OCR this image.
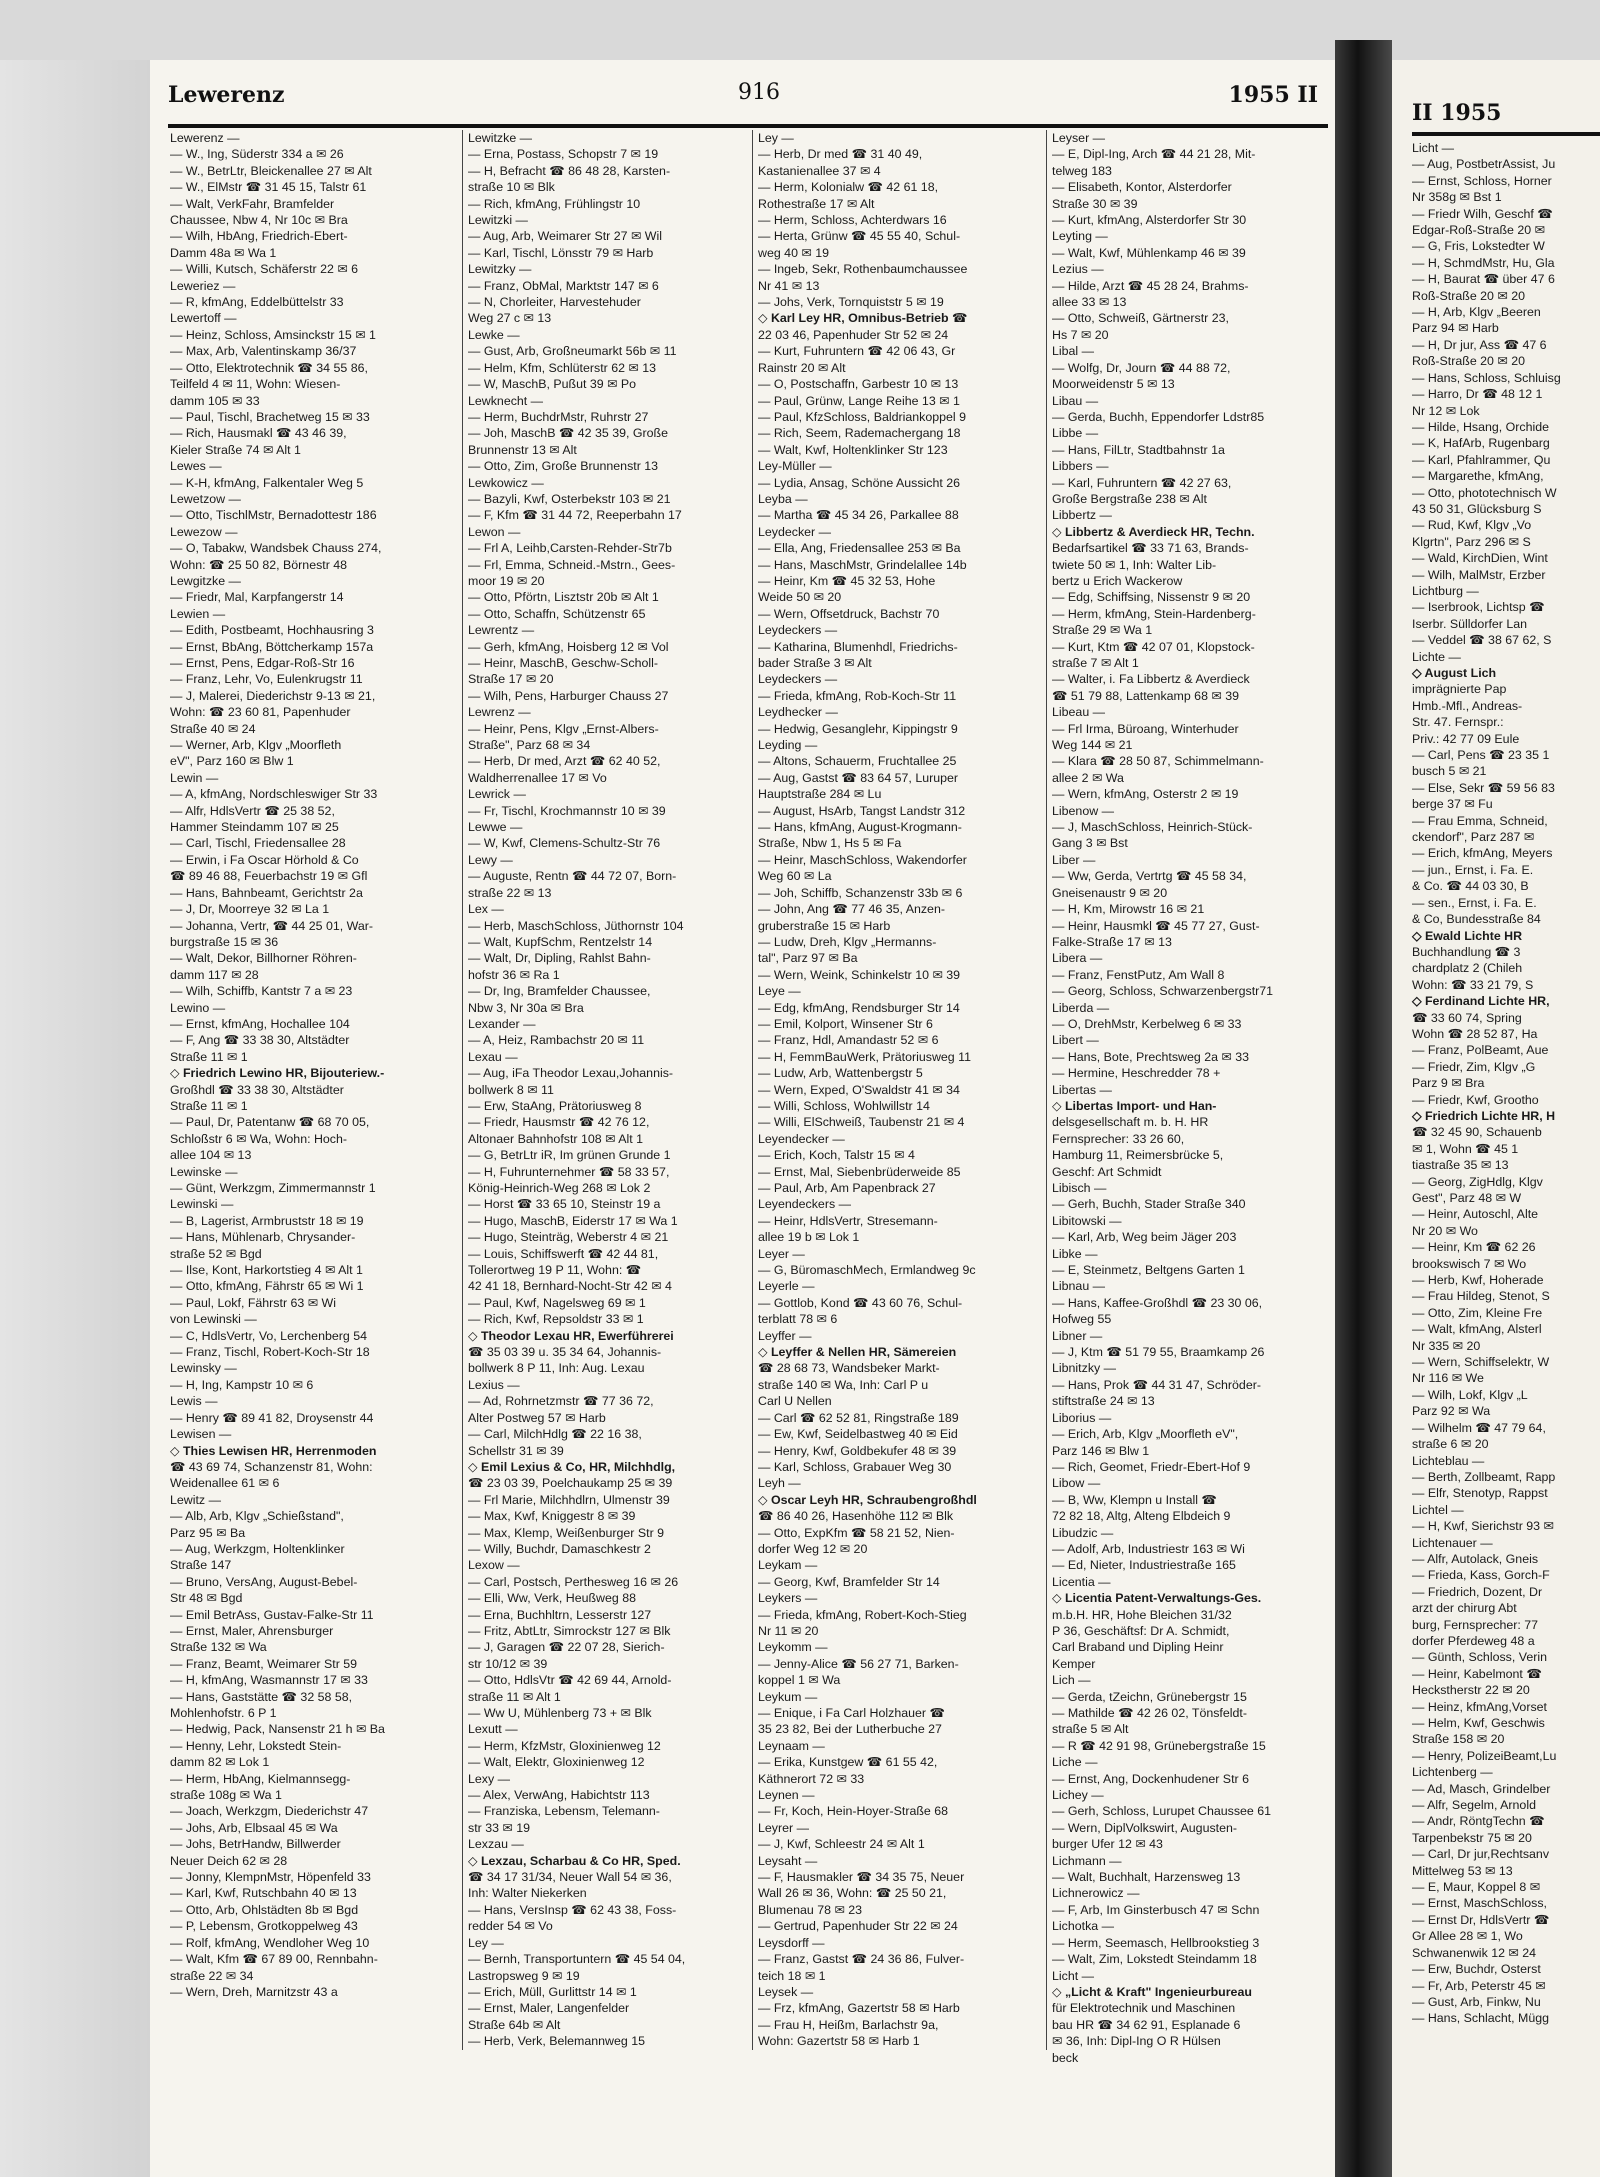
Lewerenz	916	1955 II
Lewerenz —
— W., Ing, Süderstr 334 a ✉ 26
— W., BetrLtr, Bleickenallee 27 ✉ Alt
— W., ElMstr ☎ 31 45 15, Talstr 61
— Walt, VerkFahr, Bramfelder
Chaussee, Nbw 4, Nr 10c ✉ Bra
— Wilh, HbAng, Friedrich-Ebert-
Damm 48a ✉ Wa 1
— Willi, Kutsch, Schäferstr 22 ✉ 6
Leweriez —
— R, kfmAng, Eddelbüttelstr 33
Lewertoff —
— Heinz, Schloss, Amsinckstr 15 ✉ 1
— Max, Arb, Valentinskamp 36/37
— Otto, Elektrotechnik ☎ 34 55 86,
Teilfeld 4 ✉ 11, Wohn: Wiesen-
damm 105 ✉ 33
— Paul, Tischl, Brachetweg 15 ✉ 33
— Rich, Hausmakl ☎ 43 46 39,
Kieler Straße 74 ✉ Alt 1
Lewes —
— K-H, kfmAng, Falkentaler Weg 5
Lewetzow —
— Otto, TischlMstr, Bernadottestr 186
Lewezow —
— O, Tabakw, Wandsbek Chauss 274,
Wohn: ☎ 25 50 82, Börnestr 48
Lewgitzke —
— Friedr, Mal, Karpfangerstr 14
Lewien —
— Edith, Postbeamt, Hochhausring 3
— Ernst, BbAng, Böttcherkamp 157a
— Ernst, Pens, Edgar-Roß-Str 16
— Franz, Lehr, Vo, Eulenkrugstr 11
— J, Malerei, Diederichstr 9-13 ✉ 21,
Wohn: ☎ 23 60 81, Papenhuder
Straße 40 ✉ 24
— Werner, Arb, Klgv „Moorfleth
eV", Parz 160 ✉ Blw 1
Lewin —
— A, kfmAng, Nordschleswiger Str 33
— Alfr, HdlsVertr ☎ 25 38 52,
Hammer Steindamm 107 ✉ 25
— Carl, Tischl, Friedensallee 28
— Erwin, i Fa Oscar Hörhold & Co
☎ 89 46 88, Feuerbachstr 19 ✉ Gfl
— Hans, Bahnbeamt, Gerichtstr 2a
— J, Dr, Moorreye 32 ✉ La 1
— Johanna, Vertr, ☎ 44 25 01, War-
burgstraße 15 ✉ 36
— Walt, Dekor, Billhorner Röhren-
damm 117 ✉ 28
— Wilh, Schiffb, Kantstr 7 a ✉ 23
Lewino —
— Ernst, kfmAng, Hochallee 104
— F, Ang ☎ 33 38 30, Altstädter
Straße 11 ✉ 1
◇ Friedrich Lewino HR, Bijouteriew.-
Großhdl ☎ 33 38 30, Altstädter
Straße 11 ✉ 1
— Paul, Dr, Patentanw ☎ 68 70 05,
Schloßstr 6 ✉ Wa, Wohn: Hoch-
allee 104 ✉ 13
Lewinske —
— Günt, Werkzgm, Zimmermannstr 1
Lewinski —
— B, Lagerist, Armbruststr 18 ✉ 19
— Hans, Mühlenarb, Chrysander-
straße 52 ✉ Bgd
— Ilse, Kont, Harkortstieg 4 ✉ Alt 1
— Otto, kfmAng, Fährstr 65 ✉ Wi 1
— Paul, Lokf, Fährstr 63 ✉ Wi
von Lewinski —
— C, HdlsVertr, Vo, Lerchenberg 54
— Franz, Tischl, Robert-Koch-Str 18
Lewinsky —
— H, Ing, Kampstr 10 ✉ 6
Lewis —
— Henry ☎ 89 41 82, Droysenstr 44
Lewisen —
◇ Thies Lewisen HR, Herrenmoden
☎ 43 69 74, Schanzenstr 81, Wohn:
Weidenallee 61 ✉ 6
Lewitz —
— Alb, Arb, Klgv „Schießstand",
Parz 95 ✉ Ba
— Aug, Werkzgm, Holtenklinker
Straße 147
— Bruno, VersAng, August-Bebel-
Str 48 ✉ Bgd
— Emil BetrAss, Gustav-Falke-Str 11
— Ernst, Maler, Ahrensburger
Straße 132 ✉ Wa
— Franz, Beamt, Weimarer Str 59
— H, kfmAng, Wasmannstr 17 ✉ 33
— Hans, Gaststätte ☎ 32 58 58,
Mohlenhofstr. 6 P 1
— Hedwig, Pack, Nansenstr 21 h ✉ Ba
— Henny, Lehr, Lokstedt Stein-
damm 82 ✉ Lok 1
— Herm, HbAng, Kielmannsegg-
straße 108g ✉ Wa 1
— Joach, Werkzgm, Diederichstr 47
— Johs, Arb, Elbsaal 45 ✉ Wa
— Johs, BetrHandw, Billwerder
Neuer Deich 62 ✉ 28
— Jonny, KlempnMstr, Höpenfeld 33
— Karl, Kwf, Rutschbahn 40 ✉ 13
— Otto, Arb, Ohlstädten 8b ✉ Bgd
— P, Lebensm, Grotkoppelweg 43
— Rolf, kfmAng, Wendloher Weg 10
— Walt, Kfm ☎ 67 89 00, Rennbahn-
straße 22 ✉ 34
— Wern, Dreh, Marnitzstr 43 a
Lewitzke —
— Erna, Postass, Schopstr 7 ✉ 19
— H, Befracht ☎ 86 48 28, Karsten-
straße 10 ✉ Blk
— Rich, kfmAng, Frühlingstr 10
Lewitzki —
— Aug, Arb, Weimarer Str 27 ✉ Wil
— Karl, Tischl, Lönsstr 79 ✉ Harb
Lewitzky —
— Franz, ObMal, Marktstr 147 ✉ 6
— N, Chorleiter, Harvestehuder
Weg 27 c ✉ 13
Lewke —
— Gust, Arb, Großneumarkt 56b ✉ 11
— Helm, Kfm, Schlüterstr 62 ✉ 13
— W, MaschB, Pußut 39 ✉ Po
Lewknecht —
— Herm, BuchdrMstr, Ruhrstr 27
— Joh, MaschB ☎ 42 35 39, Große
Brunnenstr 13 ✉ Alt
— Otto, Zim, Große Brunnenstr 13
Lewkowicz —
— Bazyli, Kwf, Osterbekstr 103 ✉ 21
— F, Kfm ☎ 31 44 72, Reeperbahn 17
Lewon —
— Frl A, Leihb,Carsten-Rehder-Str7b
— Frl, Emma, Schneid.-Mstrn., Gees-
moor 19 ✉ 20
— Otto, Pförtn, Lisztstr 20b ✉ Alt 1
— Otto, Schaffn, Schützenstr 65
Lewrentz —
— Gerh, kfmAng, Hoisberg 12 ✉ Vol
— Heinr, MaschB, Geschw-Scholl-
Straße 17 ✉ 20
— Wilh, Pens, Harburger Chauss 27
Lewrenz —
— Heinr, Pens, Klgv „Ernst-Albers-
Straße", Parz 68 ✉ 34
— Herb, Dr med, Arzt ☎ 62 40 52,
Waldherrenallee 17 ✉ Vo
Lewrick —
— Fr, Tischl, Krochmannstr 10 ✉ 39
Lewwe —
— W, Kwf, Clemens-Schultz-Str 76
Lewy —
— Auguste, Rentn ☎ 44 72 07, Born-
straße 22 ✉ 13
Lex —
— Herb, MaschSchloss, Jüthornstr 104
— Walt, KupfSchm, Rentzelstr 14
— Walt, Dr, Dipling, Rahlst Bahn-
hofstr 36 ✉ Ra 1
— Dr, Ing, Bramfelder Chaussee,
Nbw 3, Nr 30a ✉ Bra
Lexander —
— A, Heiz, Rambachstr 20 ✉ 11
Lexau —
— Aug, iFa Theodor Lexau,Johannis-
bollwerk 8 ✉ 11
— Erw, StaAng, Prätoriusweg 8
— Friedr, Hausmstr ☎ 42 76 12,
Altonaer Bahnhofstr 108 ✉ Alt 1
— G, BetrLtr iR, Im grünen Grunde 1
— H, Fuhrunternehmer ☎ 58 33 57,
König-Heinrich-Weg 268 ✉ Lok 2
— Horst ☎ 33 65 10, Steinstr 19 a
— Hugo, MaschB, Eiderstr 17 ✉ Wa 1
— Hugo, Steinträg, Weberstr 4 ✉ 21
— Louis, Schiffswerft ☎ 42 44 81,
Tollerortweg 19 P 11, Wohn: ☎
42 41 18, Bernhard-Nocht-Str 42 ✉ 4
— Paul, Kwf, Nagelsweg 69 ✉ 1
— Rich, Kwf, Repsoldstr 33 ✉ 1
◇ Theodor Lexau HR, Ewerführerei
☎ 35 03 39 u. 35 34 64, Johannis-
bollwerk 8 P 11, Inh: Aug. Lexau
Lexius —
— Ad, Rohrnetzmstr ☎ 77 36 72,
Alter Postweg 57 ✉ Harb
— Carl, MilchHdlg ☎ 22 16 38,
Schellstr 31 ✉ 39
◇ Emil Lexius & Co, HR, Milchhdlg,
☎ 23 03 39, Poelchaukamp 25 ✉ 39
— Frl Marie, Milchhdlrn, Ulmenstr 39
— Max, Kwf, Kniggestr 8 ✉ 39
— Max, Klemp, Weißenburger Str 9
— Willy, Buchdr, Damaschkestr 2
Lexow —
— Carl, Postsch, Perthesweg 16 ✉ 26
— Elli, Ww, Verk, Heußweg 88
— Erna, Buchhltrn, Lesserstr 127
— Fritz, AbtLtr, Simrockstr 127 ✉ Blk
— J, Garagen ☎ 22 07 28, Sierich-
str 10/12 ✉ 39
— Otto, HdlsVtr ☎ 42 69 44, Arnold-
straße 11 ✉ Alt 1
— Ww U, Mühlenberg 73 + ✉ Blk
Lexutt —
— Herm, KfzMstr, Gloxinienweg 12
— Walt, Elektr, Gloxinienweg 12
Lexy —
— Alex, VerwAng, Habichtstr 113
— Franziska, Lebensm, Telemann-
str 33 ✉ 19
Lexzau —
◇ Lexzau, Scharbau & Co HR, Sped.
☎ 34 17 31/34, Neuer Wall 54 ✉ 36,
Inh: Walter Niekerken
— Hans, VersInsp ☎ 62 43 38, Foss-
redder 54 ✉ Vo
Ley —
— Bernh, Transportuntern ☎ 45 54 04,
Lastropsweg 9 ✉ 19
— Erich, Müll, Gurlittstr 14 ✉ 1
— Ernst, Maler, Langenfelder
Straße 64b ✉ Alt
— Herb, Verk, Belemannweg 15
Ley —
— Herb, Dr med ☎ 31 40 49,
Kastanienallee 37 ✉ 4
— Herm, Kolonialw ☎ 42 61 18,
Rothestraße 17 ✉ Alt
— Herm, Schloss, Achterdwars 16
— Herta, Grünw ☎ 45 55 40, Schul-
weg 40 ✉ 19
— Ingeb, Sekr, Rothenbaumchaussee
Nr 41 ✉ 13
— Johs, Verk, Tornquiststr 5 ✉ 19
◇ Karl Ley HR, Omnibus-Betrieb ☎
22 03 46, Papenhuder Str 52 ✉ 24
— Kurt, Fuhruntern ☎ 42 06 43, Gr
Rainstr 20 ✉ Alt
— O, Postschaffn, Garbestr 10 ✉ 13
— Paul, Grünw, Lange Reihe 13 ✉ 1
— Paul, KfzSchloss, Baldriankoppel 9
— Rich, Seem, Rademachergang 18
— Walt, Kwf, Holtenklinker Str 123
Ley-Müller —
— Lydia, Ansag, Schöne Aussicht 26
Leyba —
— Martha ☎ 45 34 26, Parkallee 88
Leydecker —
— Ella, Ang, Friedensallee 253 ✉ Ba
— Hans, MaschMstr, Grindelallee 14b
— Heinr, Km ☎ 45 32 53, Hohe
Weide 50 ✉ 20
— Wern, Offsetdruck, Bachstr 70
Leydeckers —
— Katharina, Blumenhdl, Friedrichs-
bader Straße 3 ✉ Alt
Leydeckers —
— Frieda, kfmAng, Rob-Koch-Str 11
Leydhecker —
— Hedwig, Gesanglehr, Kippingstr 9
Leyding —
— Altons, Schauerm, Fruchtallee 25
— Aug, Gastst ☎ 83 64 57, Luruper
Hauptstraße 284 ✉ Lu
— August, HsArb, Tangst Landstr 312
— Hans, kfmAng, August-Krogmann-
Straße, Nbw 1, Hs 5 ✉ Fa
— Heinr, MaschSchloss, Wakendorfer
Weg 60 ✉ La
— Joh, Schiffb, Schanzenstr 33b ✉ 6
— John, Ang ☎ 77 46 35, Anzen-
gruberstraße 15 ✉ Harb
— Ludw, Dreh, Klgv „Hermanns-
tal", Parz 97 ✉ Ba
— Wern, Weink, Schinkelstr 10 ✉ 39
Leye —
— Edg, kfmAng, Rendsburger Str 14
— Emil, Kolport, Winsener Str 6
— Franz, Hdl, Amandastr 52 ✉ 6
— H, FemmBauWerk, Prätoriusweg 11
— Ludw, Arb, Wattenbergstr 5
— Wern, Exped, O'Swaldstr 41 ✉ 34
— Willi, Schloss, Wohlwillstr 14
— Willi, ElSchweiß, Taubenstr 21 ✉ 4
Leyendecker —
— Erich, Koch, Talstr 15 ✉ 4
— Ernst, Mal, Siebenbrüderweide 85
— Paul, Arb, Am Papenbrack 27
Leyendeckers —
— Heinr, HdlsVertr, Stresemann-
allee 19 b ✉ Lok 1
Leyer —
— G, BüromaschMech, Ermlandweg 9c
Leyerle —
— Gottlob, Kond ☎ 43 60 76, Schul-
terblatt 78 ✉ 6
Leyffer —
◇ Leyffer & Nellen HR, Sämereien
☎ 28 68 73, Wandsbeker Markt-
straße 140 ✉ Wa, Inh: Carl P u
Carl U Nellen
— Carl ☎ 62 52 81, Ringstraße 189
— Ew, Kwf, Seidelbastweg 40 ✉ Eid
— Henry, Kwf, Goldbekufer 48 ✉ 39
— Karl, Schloss, Grabauer Weg 30
Leyh —
◇ Oscar Leyh HR, Schraubengroßhdl
☎ 86 40 26, Hasenhöhe 112 ✉ Blk
— Otto, ExpKfm ☎ 58 21 52, Nien-
dorfer Weg 12 ✉ 20
Leykam —
— Georg, Kwf, Bramfelder Str 14
Leykers —
— Frieda, kfmAng, Robert-Koch-Stieg
Nr 11 ✉ 20
Leykomm —
— Jenny-Alice ☎ 56 27 71, Barken-
koppel 1 ✉ Wa
Leykum —
— Enique, i Fa Carl Holzhauer ☎
35 23 82, Bei der Lutherbuche 27
Leynaam —
— Erika, Kunstgew ☎ 61 55 42,
Käthnerort 72 ✉ 33
Leynen —
— Fr, Koch, Hein-Hoyer-Straße 68
Leyrer —
— J, Kwf, Schleestr 24 ✉ Alt 1
Leysaht —
— F, Hausmakler ☎ 34 35 75, Neuer
Wall 26 ✉ 36, Wohn: ☎ 25 50 21,
Blumenau 78 ✉ 23
— Gertrud, Papenhuder Str 22 ✉ 24
Leysdorff —
— Franz, Gastst ☎ 24 36 86, Fulver-
teich 18 ✉ 1
Leysek —
— Frz, kfmAng, Gazertstr 58 ✉ Harb
— Frau H, Heißm, Barlachstr 9a,
Wohn: Gazertstr 58 ✉ Harb 1
Leyser —
— E, Dipl-Ing, Arch ☎ 44 21 28, Mit-
telweg 183
— Elisabeth, Kontor, Alsterdorfer
Straße 30 ✉ 39
— Kurt, kfmAng, Alsterdorfer Str 30
Leyting —
— Walt, Kwf, Mühlenkamp 46 ✉ 39
Lezius —
— Hilde, Arzt ☎ 45 28 24, Brahms-
allee 33 ✉ 13
— Otto, Schweiß, Gärtnerstr 23,
Hs 7 ✉ 20
Libal —
— Wolfg, Dr, Journ ☎ 44 88 72,
Moorweidenstr 5 ✉ 13
Libau —
— Gerda, Buchh, Eppendorfer Ldstr85
Libbe —
— Hans, FilLtr, Stadtbahnstr 1a
Libbers —
— Karl, Fuhruntern ☎ 42 27 63,
Große Bergstraße 238 ✉ Alt
Libbertz —
◇ Libbertz & Averdieck HR, Techn.
Bedarfsartikel ☎ 33 71 63, Brands-
twiete 50 ✉ 1, Inh: Walter Lib-
bertz u Erich Wackerow
— Edg, Schiffsing, Nissenstr 9 ✉ 20
— Herm, kfmAng, Stein-Hardenberg-
Straße 29 ✉ Wa 1
— Kurt, Ktm ☎ 42 07 01, Klopstock-
straße 7 ✉ Alt 1
— Walter, i. Fa Libbertz & Averdieck
☎ 51 79 88, Lattenkamp 68 ✉ 39
Libeau —
— Frl Irma, Büroang, Winterhuder
Weg 144 ✉ 21
— Klara ☎ 28 50 87, Schimmelmann-
allee 2 ✉ Wa
— Wern, kfmAng, Osterstr 2 ✉ 19
Libenow —
— J, MaschSchloss, Heinrich-Stück-
Gang 3 ✉ Bst
Liber —
— Ww, Gerda, Vertrtg ☎ 45 58 34,
Gneisenaustr 9 ✉ 20
— H, Km, Mirowstr 16 ✉ 21
— Heinr, Hausmkl ☎ 45 77 27, Gust-
Falke-Straße 17 ✉ 13
Libera —
— Franz, FenstPutz, Am Wall 8
— Georg, Schloss, Schwarzenbergstr71
Liberda —
— O, DrehMstr, Kerbelweg 6 ✉ 33
Libert —
— Hans, Bote, Prechtsweg 2a ✉ 33
— Hermine, Heschredder 78 +
Libertas —
◇ Libertas Import- und Han-
delsgesellschaft m. b. H. HR
Fernsprecher: 33 26 60,
Hamburg 11, Reimersbrücke 5,
Geschf: Art Schmidt
Libisch —
— Gerh, Buchh, Stader Straße 340
Libitowski —
— Karl, Arb, Weg beim Jäger 203
Libke —
— E, Steinmetz, Beltgens Garten 1
Libnau —
— Hans, Kaffee-Großhdl ☎ 23 30 06,
Hofweg 55
Libner —
— J, Ktm ☎ 51 79 55, Braamkamp 26
Libnitzky —
— Hans, Prok ☎ 44 31 47, Schröder-
stiftstraße 24 ✉ 13
Liborius —
— Erich, Arb, Klgv „Moorfleth eV",
Parz 146 ✉ Blw 1
— Rich, Geomet, Friedr-Ebert-Hof 9
Libow —
— B, Ww, Klempn u Install ☎
72 82 18, Altg, Alteng Elbdeich 9
Libudzic —
— Adolf, Arb, Industriestr 163 ✉ Wi
— Ed, Nieter, Industriestraße 165
Licentia —
◇ Licentia Patent-Verwaltungs-Ges.
m.b.H. HR, Hohe Bleichen 31/32
P 36, Geschäftsf: Dr A. Schmidt,
Carl Braband und Dipling Heinr
Kemper
Lich —
— Gerda, tZeichn, Grünebergstr 15
— Mathilde ☎ 42 26 02, Tönsfeldt-
straße 5 ✉ Alt
— R ☎ 42 91 98, Grünebergstraße 15
Liche —
— Ernst, Ang, Dockenhudener Str 6
Lichey —
— Gerh, Schloss, Lurupet Chaussee 61
— Wern, DiplVolkswirt, Augusten-
burger Ufer 12 ✉ 43
Lichmann —
— Walt, Buchhalt, Harzensweg 13
Lichnerowicz —
— F, Arb, Im Ginsterbusch 47 ✉ Schn
Lichotka —
— Herm, Seemasch, Hellbrookstieg 3
— Walt, Zim, Lokstedt Steindamm 18
Licht —
◇ „Licht & Kraft" Ingenieurbureau
für Elektrotechnik und Maschinen
bau HR ☎ 34 62 91, Esplanade 6
✉ 36, Inh: Dipl-Ing O R Hülsen
beck
II 1955
Licht —
— Aug, PostbetrAssist, Ju
— Ernst, Schloss, Horner
Nr 358g ✉ Bst 1
— Friedr Wilh, Geschf ☎
Edgar-Roß-Straße 20 ✉
— G, Fris, Lokstedter W
— H, SchmdMstr, Hu, Gla
— H, Baurat ☎ über 47 6
Roß-Straße 20 ✉ 20
— H, Arb, Klgv „Beeren
Parz 94 ✉ Harb
— H, Dr jur, Ass ☎ 47 6
Roß-Straße 20 ✉ 20
— Hans, Schloss, Schluisg
— Harro, Dr ☎ 48 12 1
Nr 12 ✉ Lok
— Hilde, Hsang, Orchide
— K, HafArb, Rugenbarg
— Karl, Pfahlrammer, Qu
— Margarethe, kfmAng,
— Otto, phototechnisch W
43 50 31, Glücksburg S
— Rud, Kwf, Klgv „Vo
Klgrtn", Parz 296 ✉ S
— Wald, KirchDien, Wint
— Wilh, MalMstr, Erzber
Lichtburg —
— Iserbrook, Lichtsp ☎
Iserbr. Sülldorfer Lan
— Veddel ☎ 38 67 62, S
Lichte —
◇ August Lich
imprägnierte Pap
Hmb.-Mfl., Andreas-
Str. 47. Fernspr.:
Priv.: 42 77 09 Eule
— Carl, Pens ☎ 23 35 1
busch 5 ✉ 21
— Else, Sekr ☎ 59 56 83
berge 37 ✉ Fu
— Frau Emma, Schneid,
ckendorf", Parz 287 ✉
— Erich, kfmAng, Meyers
— jun., Ernst, i. Fa. E.
& Co. ☎ 44 03 30, B
— sen., Ernst, i. Fa. E.
& Co, Bundesstraße 84
◇ Ewald Lichte HR
Buchhandlung ☎ 3
chardplatz 2 (Chileh
Wohn: ☎ 33 21 79, S
◇ Ferdinand Lichte HR,
☎ 33 60 74, Spring
Wohn ☎ 28 52 87, Ha
— Franz, PolBeamt, Aue
— Friedr, Zim, Klgv „G
Parz 9 ✉ Bra
— Friedr, Kwf, Grootho
◇ Friedrich Lichte HR, H
☎ 32 45 90, Schauenb
✉ 1, Wohn ☎ 45 1
tiastraße 35 ✉ 13
— Georg, ZigHdlg, Klgv
Gest", Parz 48 ✉ W
— Heinr, Autoschl, Alte
Nr 20 ✉ Wo
— Heinr, Km ☎ 62 26
brookswisch 7 ✉ Wo
— Herb, Kwf, Hoherade
— Frau Hildeg, Stenot, S
— Otto, Zim, Kleine Fre
— Walt, kfmAng, Alsterl
Nr 335 ✉ 20
— Wern, Schiffselektr, W
Nr 116 ✉ We
— Wilh, Lokf, Klgv „L
Parz 92 ✉ Wa
— Wilhelm ☎ 47 79 64,
straße 6 ✉ 20
Lichteblau —
— Berth, Zollbeamt, Rapp
— Elfr, Stenotyp, Rappst
Lichtel —
— H, Kwf, Sierichstr 93 ✉
Lichtenauer —
— Alfr, Autolack, Gneis
— Frieda, Kass, Gorch-F
— Friedrich, Dozent, Dr
arzt der chirurg Abt
burg, Fernsprecher: 77
dorfer Pferdeweg 48 a
— Günth, Schloss, Verin
— Heinr, Kabelmont ☎
Heckstherstr 22 ✉ 20
— Heinz, kfmAng,Vorset
— Helm, Kwf, Geschwis
Straße 158 ✉ 20
— Henry, PolizeiBeamt,Lu
Lichtenberg —
— Ad, Masch, Grindelber
— Alfr, Segelm, Arnold
— Andr, RöntgTechn ☎
Tarpenbekstr 75 ✉ 20
— Carl, Dr jur,Rechtsanv
Mittelweg 53 ✉ 13
— E, Maur, Koppel 8 ✉
— Ernst, MaschSchloss,
— Ernst Dr, HdlsVertr ☎
Gr Allee 28 ✉ 1, Wo
Schwanenwik 12 ✉ 24
— Erw, Buchdr, Osterst
— Fr, Arb, Peterstr 45 ✉
— Gust, Arb, Finkw, Nu
— Hans, Schlacht, Mügg
